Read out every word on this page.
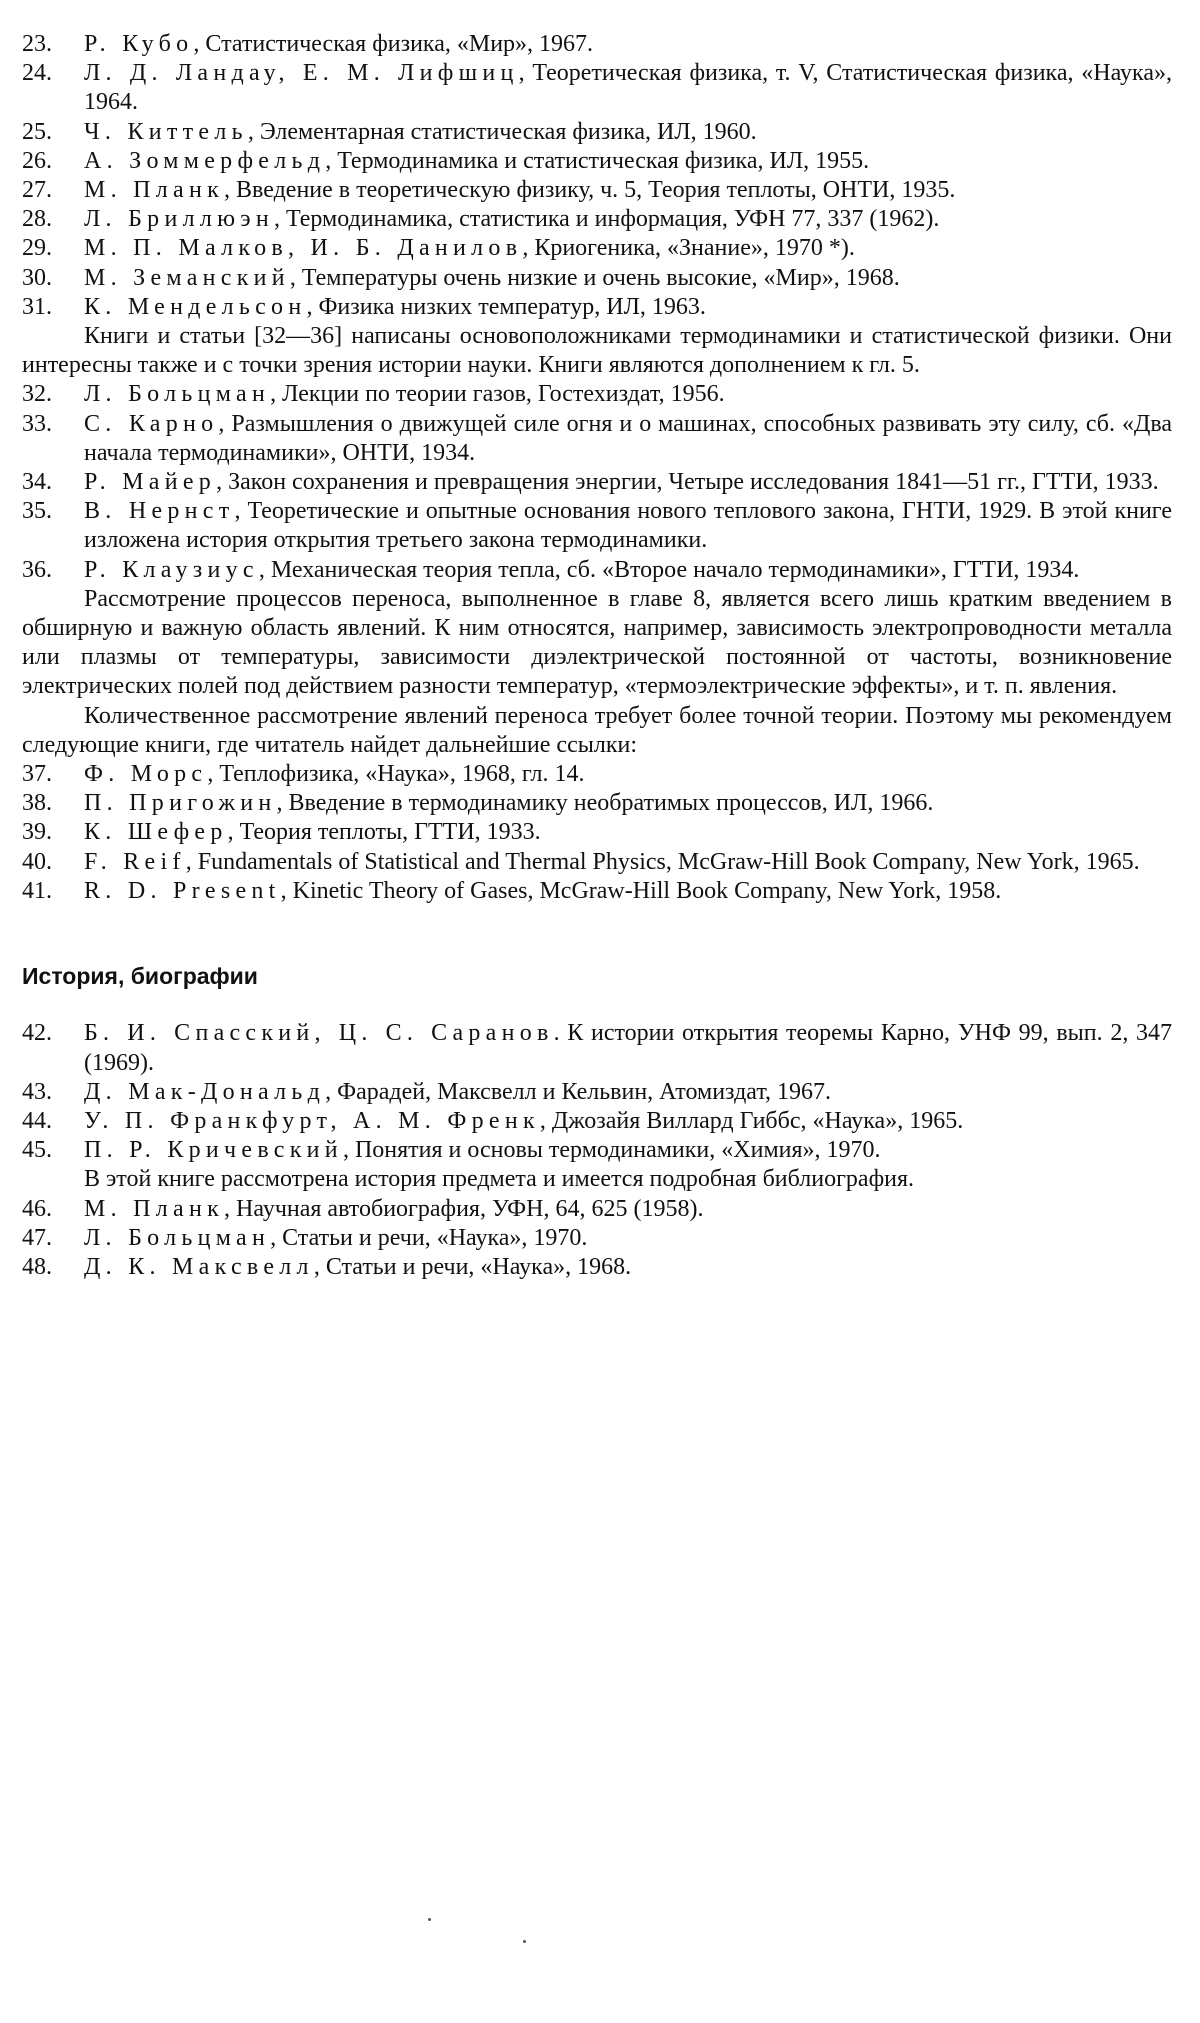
23.	Р. Кубо, Статистическая физика, «Мир», 1967.
24.	Л. Д. Ландау, Е. М. Лифшиц, Теоретическая физика, т. V, Статистическая физика, «Наука», 1964.
25.	Ч. Киттель, Элементарная статистическая физика, ИЛ, 1960.
26.	А. Зоммерфельд, Термодинамика и статистическая физика, ИЛ, 1955.
27.	М. Планк, Введение в теоретическую физику, ч. 5, Теория теплоты, ОНТИ, 1935.
28.	Л. Бриллюэн, Термодинамика, статистика и информация, УФН 77, 337 (1962).
29.	М. П. Малков, И. Б. Данилов, Криогеника, «Знание», 1970 *).
30.	М. Земанский, Температуры очень низкие и очень высокие, «Мир», 1968.
31.	К. Мендельсон, Физика низких температур, ИЛ, 1963.

Книги и статьи [32—36] написаны основоположниками термодинамики и статистической физики. Они интересны также и с точки зрения истории науки. Книги являются дополнением к гл. 5.

32.	Л. Больцман, Лекции по теории газов, Гостехиздат, 1956.
33.	С. Карно, Размышления о движущей силе огня и о машинах, способных развивать эту силу, сб. «Два начала термодинамики», ОНТИ, 1934.
34.	Р. Майер, Закон сохранения и превращения энергии, Четыре исследования 1841—51 гг., ГТТИ, 1933.
35.	В. Нернст, Теоретические и опытные основания нового теплового закона, ГНТИ, 1929. В этой книге изложена история открытия третьего закона термодинамики.
36.	Р. Клаузиус, Механическая теория тепла, сб. «Второе начало термодинамики», ГТТИ, 1934.

Рассмотрение процессов переноса, выполненное в главе 8, является всего лишь кратким введением в обширную и важную область явлений. К ним относятся, например, зависимость электропроводности металла или плазмы от температуры, зависимости диэлектрической постоянной от частоты, возникновение электрических полей под действием разности температур, «термоэлектрические эффекты», и т. п. явления.

Количественное рассмотрение явлений переноса требует более точной теории. Поэтому мы рекомендуем следующие книги, где читатель найдет дальнейшие ссылки:

37.	Ф. Морс, Теплофизика, «Наука», 1968, гл. 14.
38.	П. Пригожин, Введение в термодинамику необратимых процессов, ИЛ, 1966.
39.	К. Шефер, Теория теплоты, ГТТИ, 1933.
40.	F. Reif, Fundamentals of Statistical and Thermal Physics, McGraw-Hill Book Company, New York, 1965.
41.	R. D. Present, Kinetic Theory of Gases, McGraw-Hill Book Company, New York, 1958.
История, биографии
42.	Б. И. Спасский, Ц. С. Саранов. К истории открытия теоремы Карно, УНФ 99, вып. 2, 347 (1969).
43.	Д. Мак-Дональд, Фарадей, Максвелл и Кельвин, Атомиздат, 1967.
44.	У. П. Франкфурт, А. М. Френк, Джозайя Виллард Гиббс, «Наука», 1965.
45.	П. Р. Кричевский, Понятия и основы термодинамики, «Химия», 1970.

В этой книге рассмотрена история предмета и имеется подробная библиография.

46.	М. Планк, Научная автобиография, УФН, 64, 625 (1958).
47.	Л. Больцман, Статьи и речи, «Наука», 1970.
48.	Д. К. Максвелл, Статьи и речи, «Наука», 1968.
